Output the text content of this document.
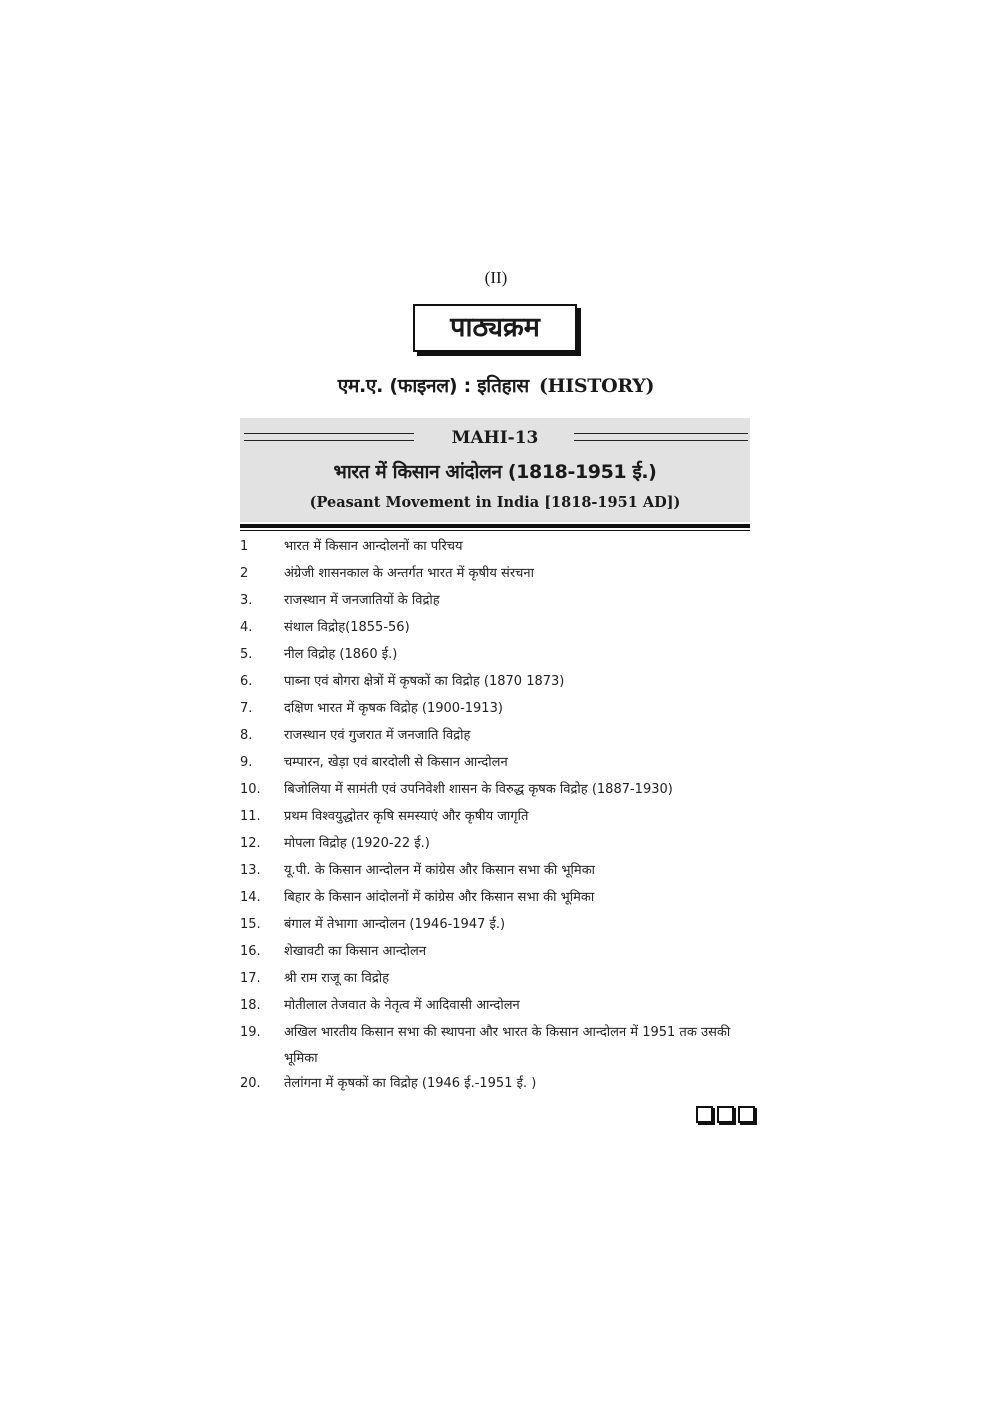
(II)
पाठ्यक्रम
एम.ए. (फाइनल) : इतिहास (HISTORY)
MAHI-13
भारत में किसान आंदोलन (1818-1951 ई.)
(Peasant Movement in India [1818-1951 AD])
1	भारत में किसान आन्दोलनों का परिचय
2	अंग्रेजी शासनकाल के अन्तर्गत भारत में कृषीय संरचना
3.	राजस्थान में जनजातियों के विद्रोह
4.	संथाल विद्रोह(1855-56)
5.	नील विद्रोह (1860 ई.)
6.	पाब्ना एवं बोगरा क्षेत्रों में कृषकों का विद्रोह (1870 1873)
7.	दक्षिण भारत में कृषक विद्रोह (1900-1913)
8.	राजस्थान एवं गुजरात में जनजाति विद्रोह
9.	चम्पारन, खेड़ा एवं बारदोली से किसान आन्दोलन
10.	बिजोलिया में सामंती एवं उपनिवेशी शासन के विरुद्ध कृषक विद्रोह (1887-1930)
11.	प्रथम विश्वयुद्धोतर कृषि समस्याएं और कृषीय जागृति
12.	मोपला विद्रोह (1920-22 ई.)
13.	यू.पी. के किसान आन्दोलन में कांग्रेस और किसान सभा की भूमिका
14.	बिहार के किसान आंदोलनों में कांग्रेस और किसान सभा की भूमिका
15.	बंगाल में तेभागा आन्दोलन (1946-1947 ई.)
16.	शेखावटी का किसान आन्दोलन
17.	श्री राम राजू का विद्रोह
18.	मोतीलाल तेजवात के नेतृत्व में आदिवासी आन्दोलन
19.	अखिल भारतीय किसान सभा की स्थापना और भारत के किसान आन्दोलन में 1951 तक उसकी भूमिका
20.	तेलांगना में कृषकों का विद्रोह (1946 ई.-1951 ई. )
